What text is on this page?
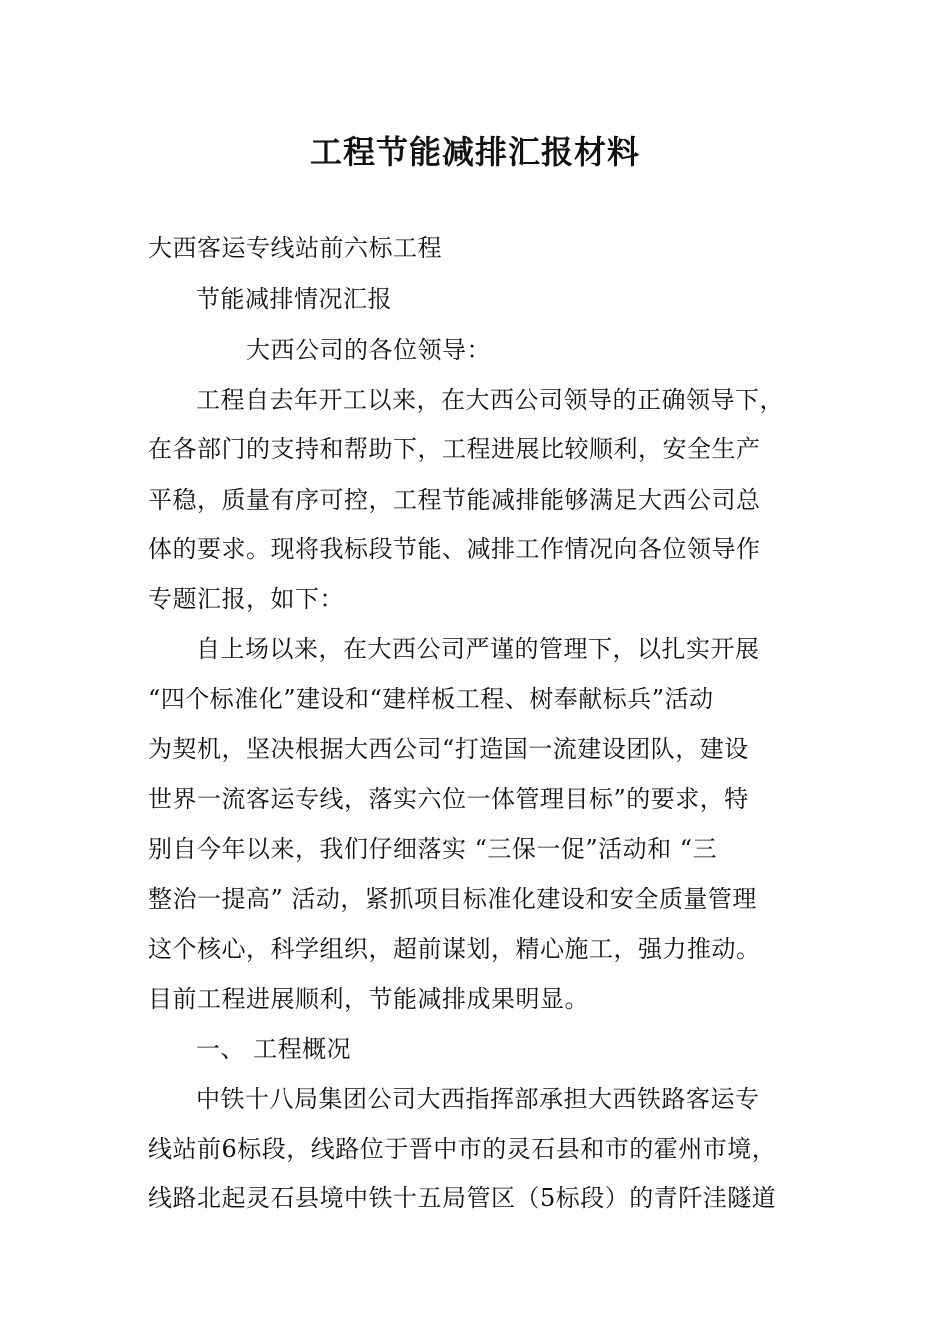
工程节能减排汇报材料
大西客运专线站前六标工程
节能减排情况汇报
大西公司的各位领导：
工程自去年开工以来，在大西公司领导的正确领导下，
在各部门的支持和帮助下，工程进展比较顺利，安全生产
平稳，质量有序可控，工程节能减排能够满足大西公司总
体的要求。现将我标段节能、减排工作情况向各位领导作
专题汇报，如下：
自上场以来，在大西公司严谨的管理下，以扎实开展
“四个标准化”建设和“建样板工程、树奉献标兵”活动
为契机，坚决根据大西公司“打造国一流建设团队，建设
世界一流客运专线，落实六位一体管理目标”的要求，特
别自今年以来，我们仔细落实 “三保一促”活动和 “三
整治一提高” 活动，紧抓项目标准化建设和安全质量管理
这个核心，科学组织，超前谋划，精心施工，强力推动。
目前工程进展顺利，节能减排成果明显。
一、 工程概况
中铁十八局集团公司大西指挥部承担大西铁路客运专
线站前6标段，线路位于晋中市的灵石县和市的霍州市境，
线路北起灵石县境中铁十五局管区（5标段）的青阡洼隧道
